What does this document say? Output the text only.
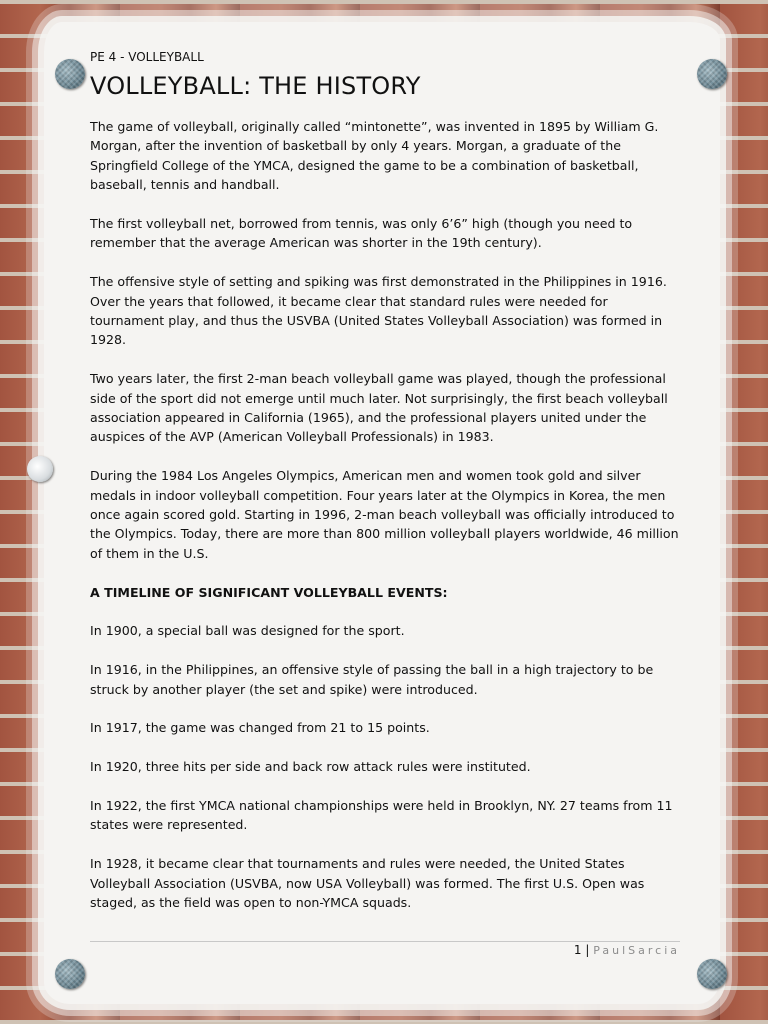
PE 4 - VOLLEYBALL
VOLLEYBALL: THE HISTORY

The game of volleyball, originally called “mintonette”, was invented in 1895 by William G. Morgan, after the invention of basketball by only 4 years. Morgan, a graduate of the Springfield College of the YMCA, designed the game to be a combination of basketball, baseball, tennis and handball.

The first volleyball net, borrowed from tennis, was only 6’6” high (though you need to remember that the average American was shorter in the 19th century).

The offensive style of setting and spiking was first demonstrated in the Philippines in 1916. Over the years that followed, it became clear that standard rules were needed for tournament play, and thus the USVBA (United States Volleyball Association) was formed in 1928.

Two years later, the first 2-man beach volleyball game was played, though the professional side of the sport did not emerge until much later. Not surprisingly, the first beach volleyball association appeared in California (1965), and the professional players united under the auspices of the AVP (American Volleyball Professionals) in 1983.

During the 1984 Los Angeles Olympics, American men and women took gold and silver medals in indoor volleyball competition. Four years later at the Olympics in Korea, the men once again scored gold. Starting in 1996, 2-man beach volleyball was officially introduced to the Olympics. Today, there are more than 800 million volleyball players worldwide, 46 million of them in the U.S.

A TIMELINE OF SIGNIFICANT VOLLEYBALL EVENTS:

In 1900, a special ball was designed for the sport.

In 1916, in the Philippines, an offensive style of passing the ball in a high trajectory to be struck by another player (the set and spike) were introduced.

In 1917, the game was changed from 21 to 15 points.

In 1920, three hits per side and back row attack rules were instituted.

In 1922, the first YMCA national championships were held in Brooklyn, NY. 27 teams from 11 states were represented.

In 1928, it became clear that tournaments and rules were needed, the United States Volleyball Association (USVBA, now USA Volleyball) was formed. The first U.S. Open was staged, as the field was open to non-YMCA squads.

1 | PaulSarcia
